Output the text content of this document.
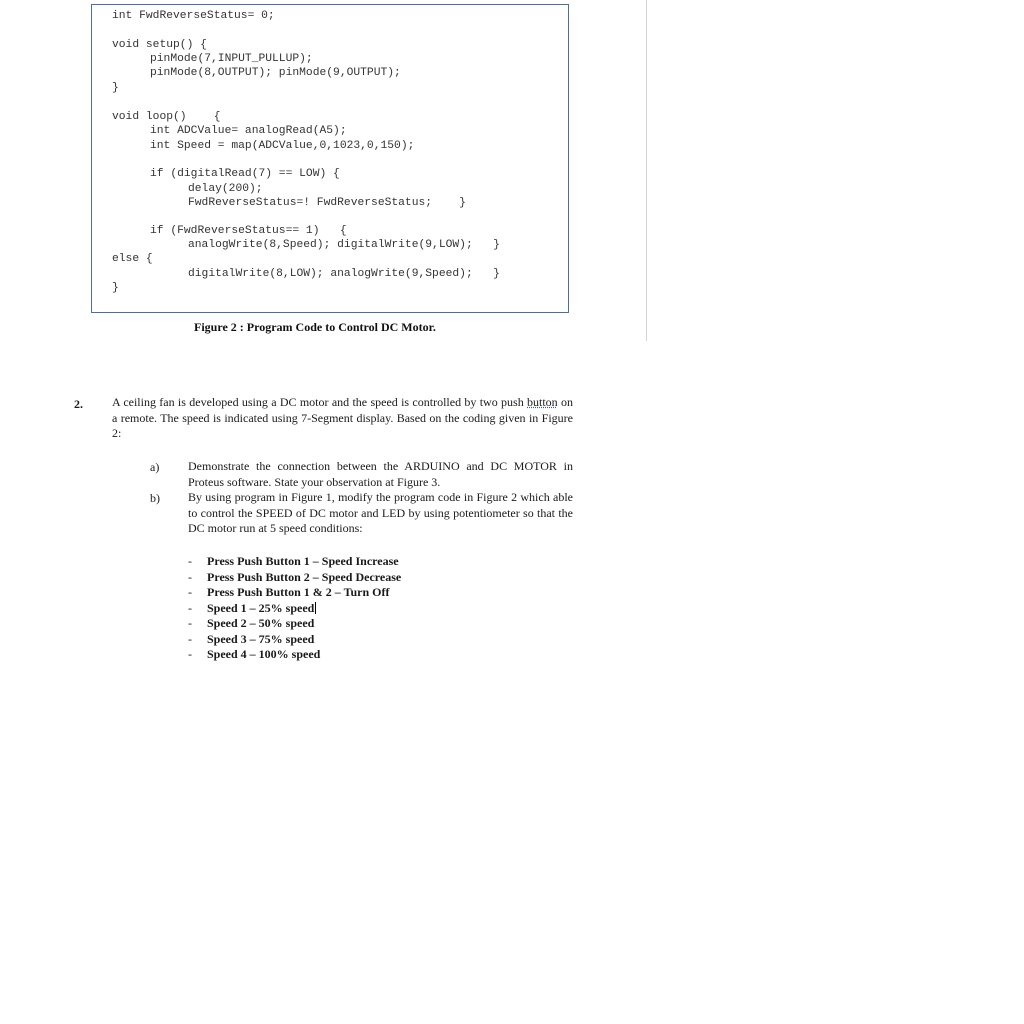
int FwdReverseStatus= 0;

void setup() {

pinMode(7,INPUT_PULLUP);

pinMode(8,OUTPUT); pinMode(9,OUTPUT);

}

void loop()    {

int ADCValue= analogRead(A5);

int Speed = map(ADCValue,0,1023,0,150);

if (digitalRead(7) == LOW) {

delay(200);

FwdReverseStatus=! FwdReverseStatus;    }

if (FwdReverseStatus== 1)   {

analogWrite(8,Speed); digitalWrite(9,LOW);   }

else {

digitalWrite(8,LOW); analogWrite(9,Speed);   }

}

Figure 2 : Program Code to Control DC Motor.

2. A ceiling fan is developed using a DC motor and the speed is controlled by two push button on a remote. The speed is indicated using 7-Segment display. Based on the coding given in Figure 2:

a) Demonstrate the connection between the ARDUINO and DC MOTOR in Proteus software. State your observation at Figure 3.

b) By using program in Figure 1, modify the program code in Figure 2 which able to control the SPEED of DC motor and LED by using potentiometer so that the DC motor run at 5 speed conditions:

- Press Push Button 1 – Speed Increase
- Press Push Button 2 – Speed Decrease
- Press Push Button 1 & 2 – Turn Off
- Speed 1 – 25% speed
- Speed 2 – 50% speed
- Speed 3 – 75% speed
- Speed 4 – 100% speed
